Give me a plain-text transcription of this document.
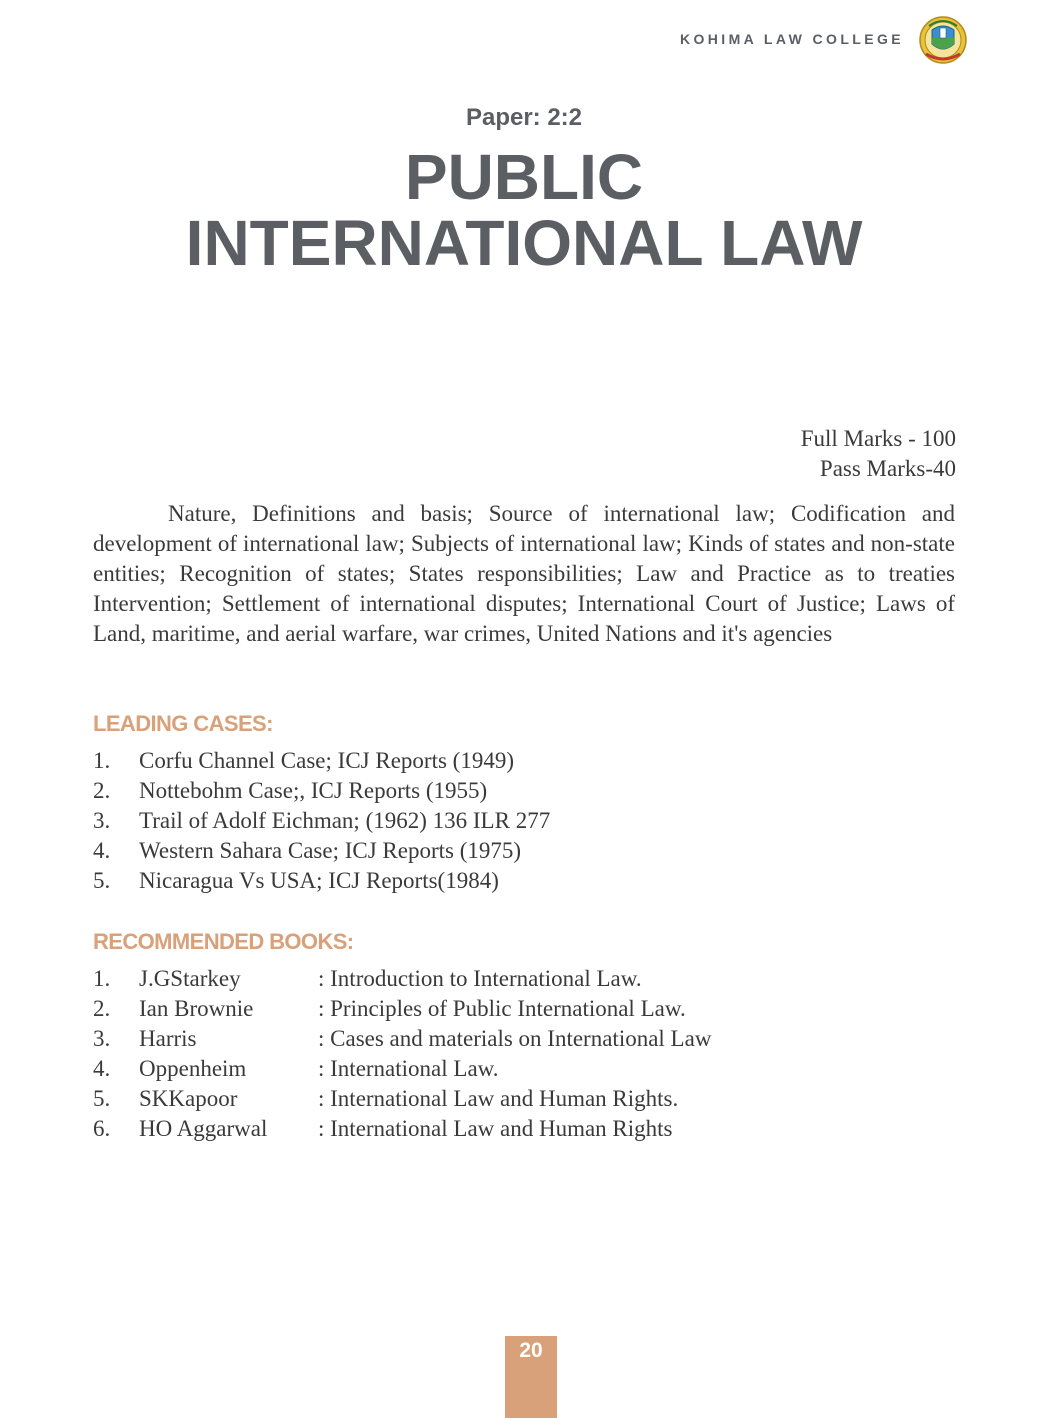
KOHIMA LAW COLLEGE
Paper: 2:2
PUBLIC
INTERNATIONAL LAW
Full Marks - 100
Pass Marks-40

Nature, Definitions and basis; Source of international law; Codification and development of international law; Subjects of international law; Kinds of states and non-state entities; Recognition of states; States responsibilities; Law and Practice as to treaties Intervention; Settlement of international disputes; International Court of Justice; Laws of Land, maritime, and aerial warfare, war crimes, United Nations and it's agencies

LEADING CASES:
1.	Corfu Channel Case; ICJ Reports (1949)
2.	Nottebohm Case;, ICJ Reports (1955)
3.	Trail of Adolf Eichman; (1962) 136 ILR 277
4.	Western Sahara Case; ICJ Reports (1975)
5.	Nicaragua Vs USA; ICJ Reports(1984)
RECOMMENDED BOOKS:
1.	J.GStarkey	: Introduction to International Law.
2.	Ian Brownie	: Principles of Public International Law.
3.	Harris	: Cases and materials on International Law
4.	Oppenheim	: International Law.
5.	SKKapoor	: International Law and Human Rights.
6.	HO Aggarwal	: International Law and Human Rights
20
